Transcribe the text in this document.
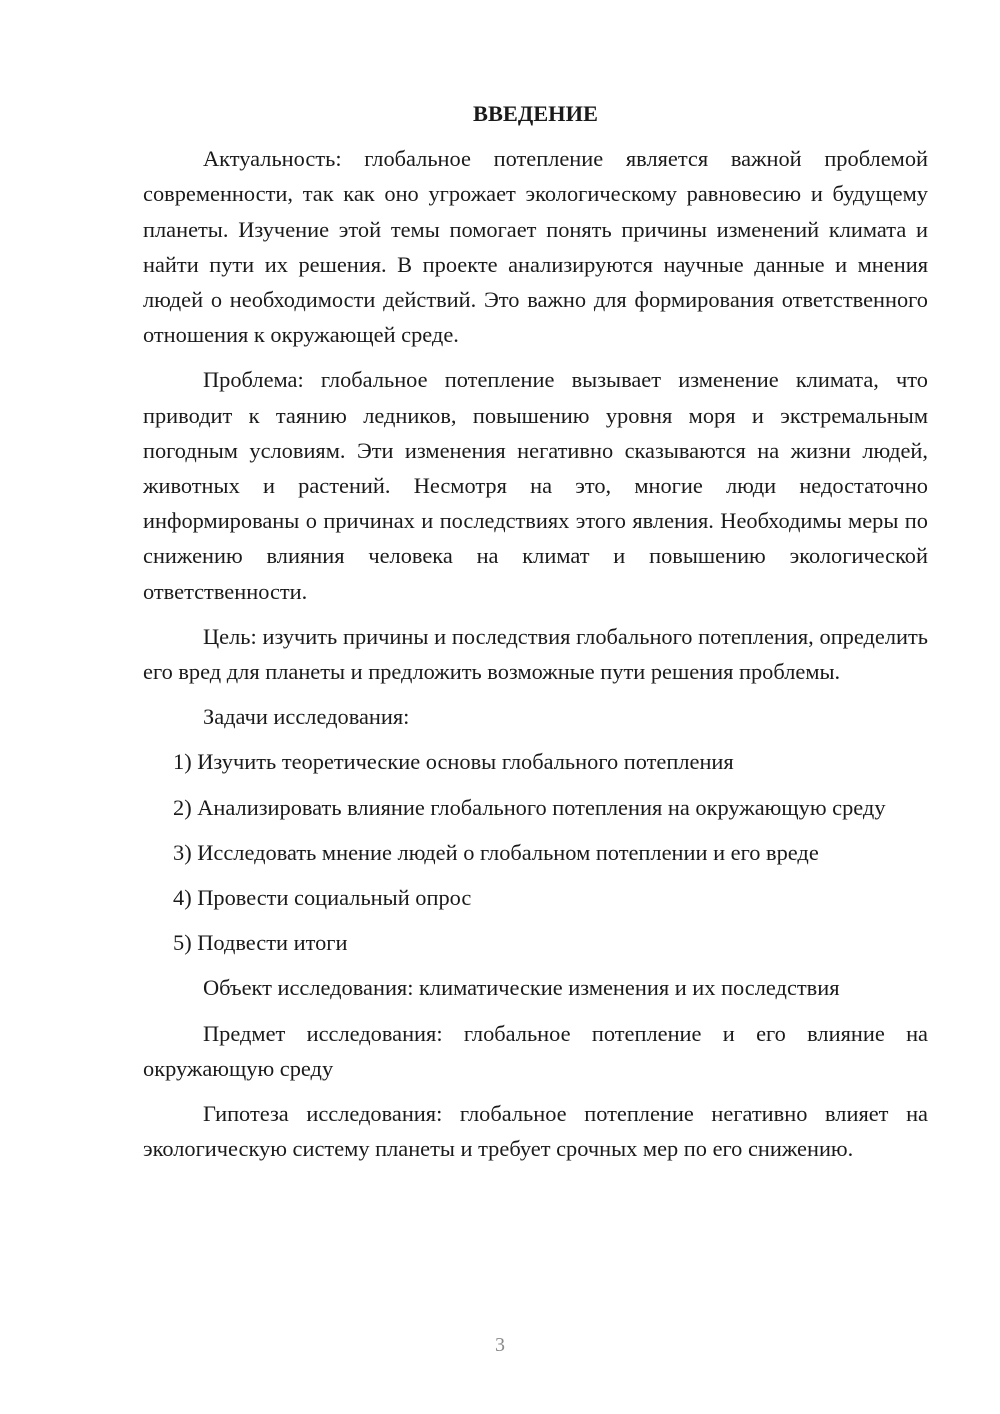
ВВЕДЕНИЕ

Актуальность: глобальное потепление является важной проблемой современности, так как оно угрожает экологическому равновесию и будущему планеты. Изучение этой темы помогает понять причины изменений климата и найти пути их решения. В проекте анализируются научные данные и мнения людей о необходимости действий. Это важно для формирования ответственного отношения к окружающей среде.

Проблема: глобальное потепление вызывает изменение климата, что приводит к таянию ледников, повышению уровня моря и экстремальным погодным условиям. Эти изменения негативно сказываются на жизни людей, животных и растений. Несмотря на это, многие люди недостаточно информированы о причинах и последствиях этого явления. Необходимы меры по снижению влияния человека на климат и повышению экологической ответственности.

Цель: изучить причины и последствия глобального потепления, определить его вред для планеты и предложить возможные пути решения проблемы.

Задачи исследования:

1) Изучить теоретические основы глобального потепления

2) Анализировать влияние глобального потепления на окружающую среду

3) Исследовать мнение людей о глобальном потеплении и его вреде

4) Провести социальный опрос

5) Подвести итоги

Объект исследования: климатические изменения и их последствия

Предмет исследования: глобальное потепление и его влияние на окружающую среду

Гипотеза исследования: глобальное потепление негативно влияет на экологическую систему планеты и требует срочных мер по его снижению.

3
